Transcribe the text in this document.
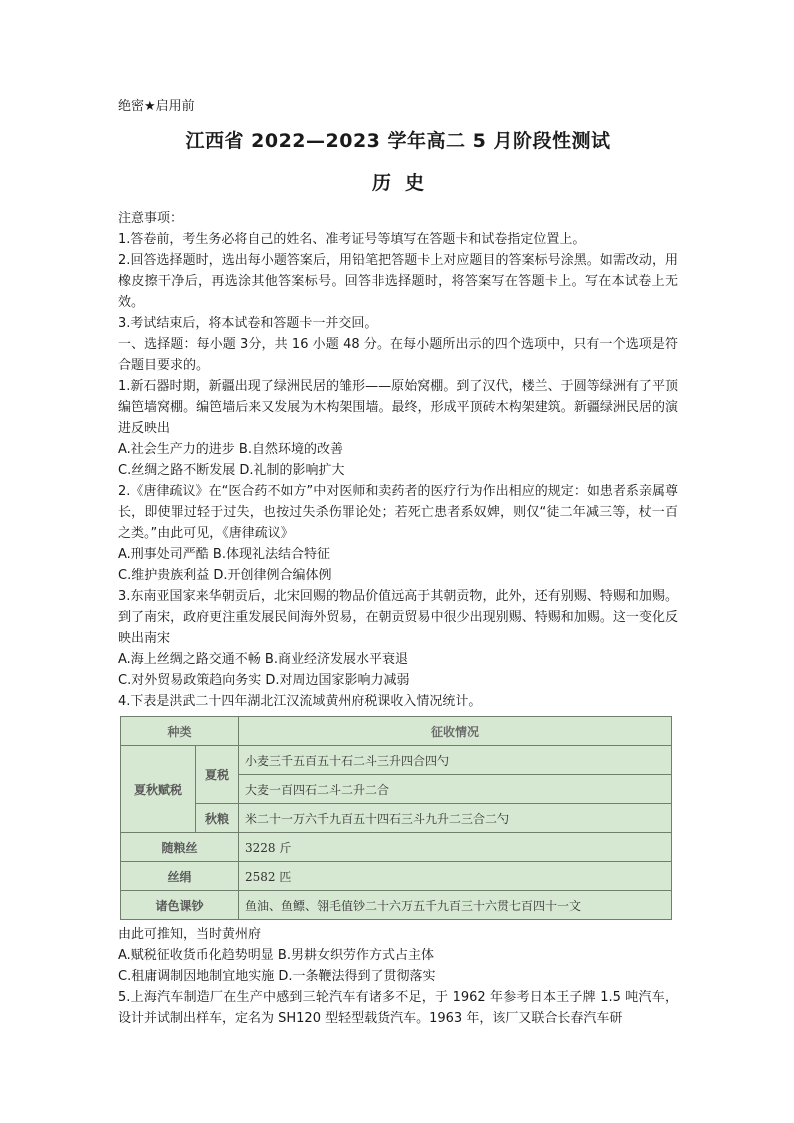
绝密★启用前

江西省 2022—2023 学年高二 5 月阶段性测试
历史

注意事项：

1.答卷前，考生务必将自己的姓名、准考证号等填写在答题卡和试卷指定位置上。

2.回答选择题时，选出每小题答案后，用铅笔把答题卡上对应题目的答案标号涂黑。如需改动，用橡皮擦干净后，再选涂其他答案标号。回答非选择题时，将答案写在答题卡上。写在本试卷上无效。

3.考试结束后，将本试卷和答题卡一并交回。

一、选择题：每小题 3分，共 16 小题 48 分。在每小题所出示的四个选项中，只有一个选项是符合题目要求的。

1.新石器时期，新疆出现了绿洲民居的雏形——原始窝棚。到了汉代，楼兰、于圆等绿洲有了平顶编笆墙窝棚。编笆墙后来又发展为木构架围墙。最终，形成平顶砖木构架建筑。新疆绿洲民居的演进反映出

A.社会生产力的进步 B.自然环境的改善

C.丝绸之路不断发展 D.礼制的影响扩大

2.《唐律疏议》在“医合药不如方”中对医师和卖药者的医疗行为作出相应的规定：如患者系亲属尊长，即使罪过轻于过失，也按过失杀伤罪论处；若死亡患者系奴婢，则仅“徒二年减三等，杖一百之类。”由此可见，《唐律疏议》

A.刑事处司严酷 B.体现礼法结合特征

C.维护贵族利益 D.开创律例合编体例

3.东南亚国家来华朝贡后，北宋回赐的物品价值远高于其朝贡物，此外，还有别赐、特赐和加赐。到了南宋，政府更注重发展民间海外贸易，在朝贡贸易中很少出现别赐、特赐和加赐。这一变化反映出南宋

A.海上丝绸之路交通不畅 B.商业经济发展水平衰退

C.对外贸易政策趋向务实 D.对周边国家影响力减弱

4.下表是洪武二十四年湖北江汉流域黄州府税课收入情况统计。

种类		征收情况
夏秋赋税	夏税	小麦三千五百五十石二斗三升四合四勺
		大麦一百四石二斗二升二合
	秋粮	米二十一万六千九百五十四石三斗九升二三合二勺
随粮丝		3228 斤
丝绢		2582 匹
诸色课钞		鱼油、鱼鳔、翎毛值钞二十六万五千九百三十六贯七百四十一文

由此可推知，当时黄州府

A.赋税征收货币化趋势明显 B.男耕女织劳作方式占主体

C.租庸调制因地制宜地实施 D.一条鞭法得到了贯彻落实

5.上海汽车制造厂在生产中感到三轮汽车有诸多不足，于 1962 年参考日本王子牌 1.5 吨汽车，设计并试制出样车，定名为 SH120 型轻型载货汽车。1963 年，该厂又联合长春汽车研
